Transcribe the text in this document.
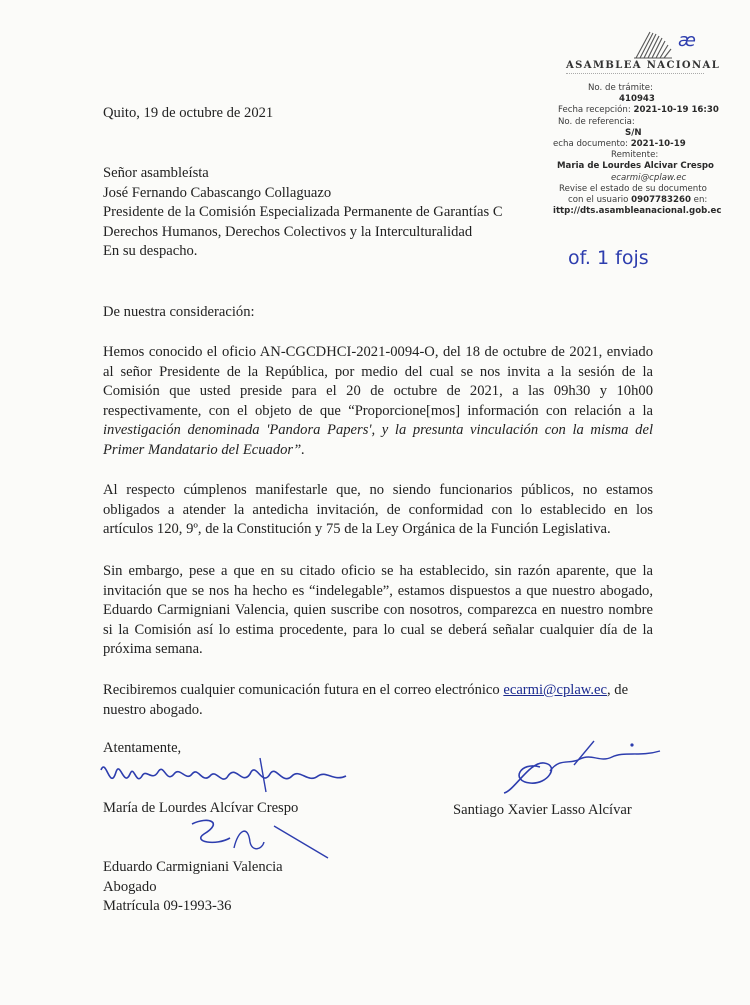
æ
ASAMBLEA NACIONAL
No. de trámite:
410943
Fecha recepción: 2021-10-19 16:30
No. de referencia:
S/N
echa documento: 2021-10-19
Remitente:
Maria de Lourdes Alcivar Crespo
ecarmi@cplaw.ec
Revise el estado de su documento
con el usuario 0907783260 en:
ittp://dts.asambleanacional.gob.ec
of. 1 fojs
Quito, 19 de octubre de 2021
Señor asambleísta
José Fernando Cabascango Collaguazo
Presidente de la Comisión Especializada Permanente de Garantías C
Derechos Humanos, Derechos Colectivos y la Interculturalidad
En su despacho.
De nuestra consideración:
Hemos conocido el oficio AN-CGCDHCI-2021-0094-O, del 18 de octubre de 2021, enviado
al señor Presidente de la República, por medio del cual se nos invita a la sesión de la
Comisión que usted preside para el 20 de octubre de 2021, a las 09h30 y 10h00
respectivamente, con el objeto de que “Proporcione[mos] información con relación a la
investigación denominada 'Pandora Papers', y la presunta vinculación con la misma del
Primer Mandatario del Ecuador”.
Al respecto cúmplenos manifestarle que, no siendo funcionarios públicos, no estamos
obligados a atender la antedicha invitación, de conformidad con lo establecido en los
artículos 120, 9º, de la Constitución y 75 de la Ley Orgánica de la Función Legislativa.
Sin embargo, pese a que en su citado oficio se ha establecido, sin razón aparente, que la
invitación que se nos ha hecho es “indelegable”, estamos dispuestos a que nuestro abogado,
Eduardo Carmigniani Valencia, quien suscribe con nosotros, comparezca en nuestro nombre
si la Comisión así lo estima procedente, para lo cual se deberá señalar cualquier día de la
próxima semana.
Recibiremos cualquier comunicación futura en el correo electrónico ecarmi@cplaw.ec, de
nuestro abogado.
Atentamente,
María de Lourdes Alcívar Crespo	Santiago Xavier Lasso Alcívar
Eduardo Carmigniani Valencia
Abogado
Matrícula 09-1993-36
